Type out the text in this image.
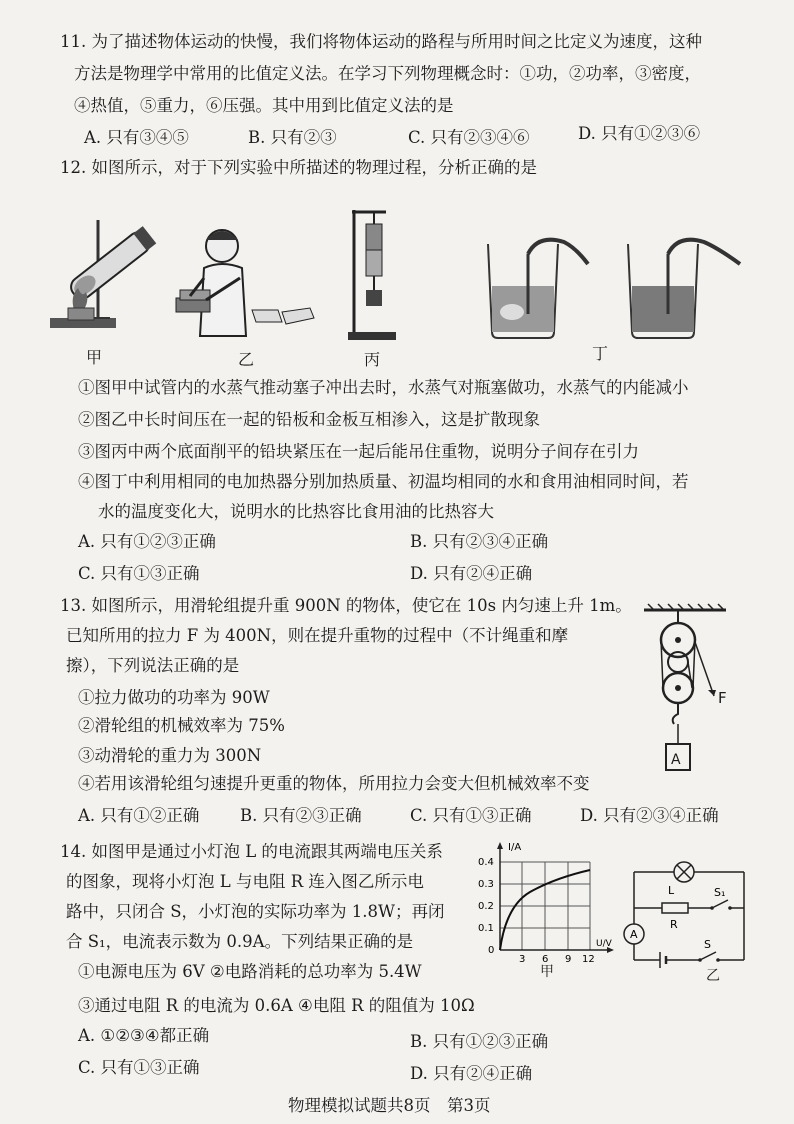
11. 为了描述物体运动的快慢，我们将物体运动的路程与所用时间之比定义为速度，这种
方法是物理学中常用的比值定义法。在学习下列物理概念时：①功，②功率，③密度，
④热值，⑤重力，⑥压强。其中用到比值定义法的是
A. 只有③④⑤	B. 只有②③	C. 只有②③④⑥	D. 只有①②③⑥
12. 如图所示，对于下列实验中所描述的物理过程，分析正确的是
甲	乙	丙	丁
①图甲中试管内的水蒸气推动塞子冲出去时，水蒸气对瓶塞做功，水蒸气的内能减小
②图乙中长时间压在一起的铅板和金板互相渗入，这是扩散现象
③图丙中两个底面削平的铅块紧压在一起后能吊住重物，说明分子间存在引力
④图丁中利用相同的电加热器分别加热质量、初温均相同的水和食用油相同时间，若
水的温度变化大，说明水的比热容比食用油的比热容大
A. 只有①②③正确	B. 只有②③④正确
C. 只有①③正确	D. 只有②④正确
13. 如图所示，用滑轮组提升重 900N 的物体，使它在 10s 内匀速上升 1m。
已知所用的拉力 F 为 400N，则在提升重物的过程中（不计绳重和摩
擦），下列说法正确的是
①拉力做功的功率为 90W
②滑轮组的机械效率为 75%
③动滑轮的重力为 300N
④若用该滑轮组匀速提升更重的物体，所用拉力会变大但机械效率不变
A. 只有①②正确 B. 只有②③正确	C. 只有①③正确	D. 只有②③④正确
F
A
14. 如图甲是通过小灯泡 L 的电流跟其两端电压关系
的图象，现将小灯泡 L 与电阻 R 连入图乙所示电
路中，只闭合 S，小灯泡的实际功率为 1.8W；再闭
合 S₁，电流表示数为 0.9A。下列结果正确的是
①电源电压为 6V ②电路消耗的总功率为 5.4W
③通过电阻 R 的电流为 0.6A ④电阻 R 的阻值为 10Ω
A. ①②③④都正确	B. 只有①②③正确
C. 只有①③正确	D. 只有②④正确
I/A
U/V
0.4
0.3
0.2
0.1
0
3 6 9 12
甲
L
R
S₁
S
A
乙
物理模拟试题共8页　第3页
